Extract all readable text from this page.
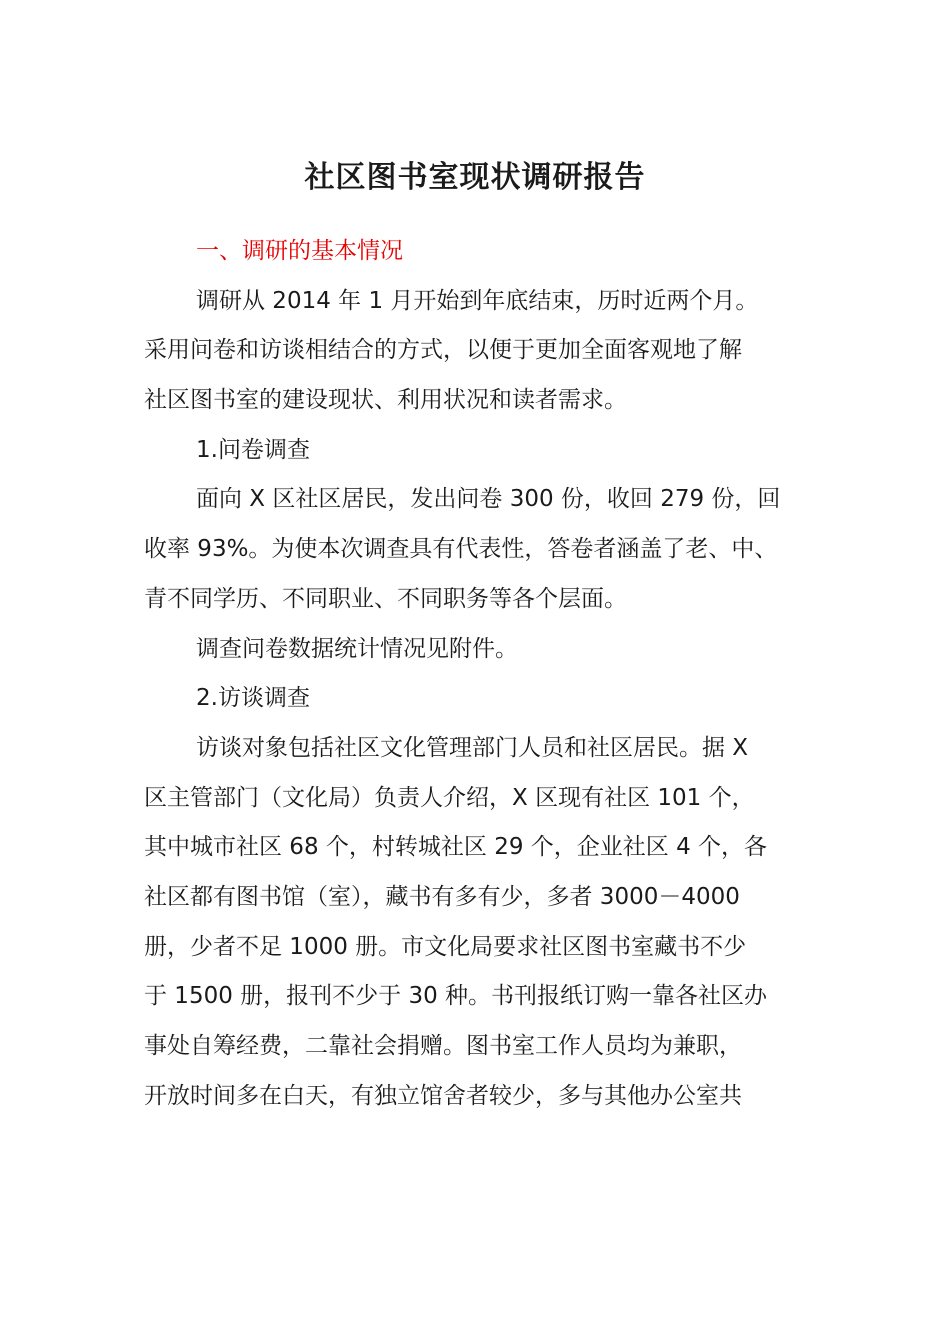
社区图书室现状调研报告
一、调研的基本情况
调研从 2014 年 1 月开始到年底结束，历时近两个月。
采用问卷和访谈相结合的方式，以便于更加全面客观地了解
社区图书室的建设现状、利用状况和读者需求。
1.问卷调查
面向 X 区社区居民，发出问卷 300 份，收回 279 份，回
收率 93%。为使本次调查具有代表性，答卷者涵盖了老、中、
青不同学历、不同职业、不同职务等各个层面。
调查问卷数据统计情况见附件。
2.访谈调查
访谈对象包括社区文化管理部门人员和社区居民。据 X
区主管部门（文化局）负责人介绍，X 区现有社区 101 个，
其中城市社区 68 个，村转城社区 29 个，企业社区 4 个，各
社区都有图书馆（室），藏书有多有少，多者 3000－4000
册，少者不足 1000 册。市文化局要求社区图书室藏书不少
于 1500 册，报刊不少于 30 种。书刊报纸订购一靠各社区办
事处自筹经费，二靠社会捐赠。图书室工作人员均为兼职，
开放时间多在白天，有独立馆舍者较少，多与其他办公室共
